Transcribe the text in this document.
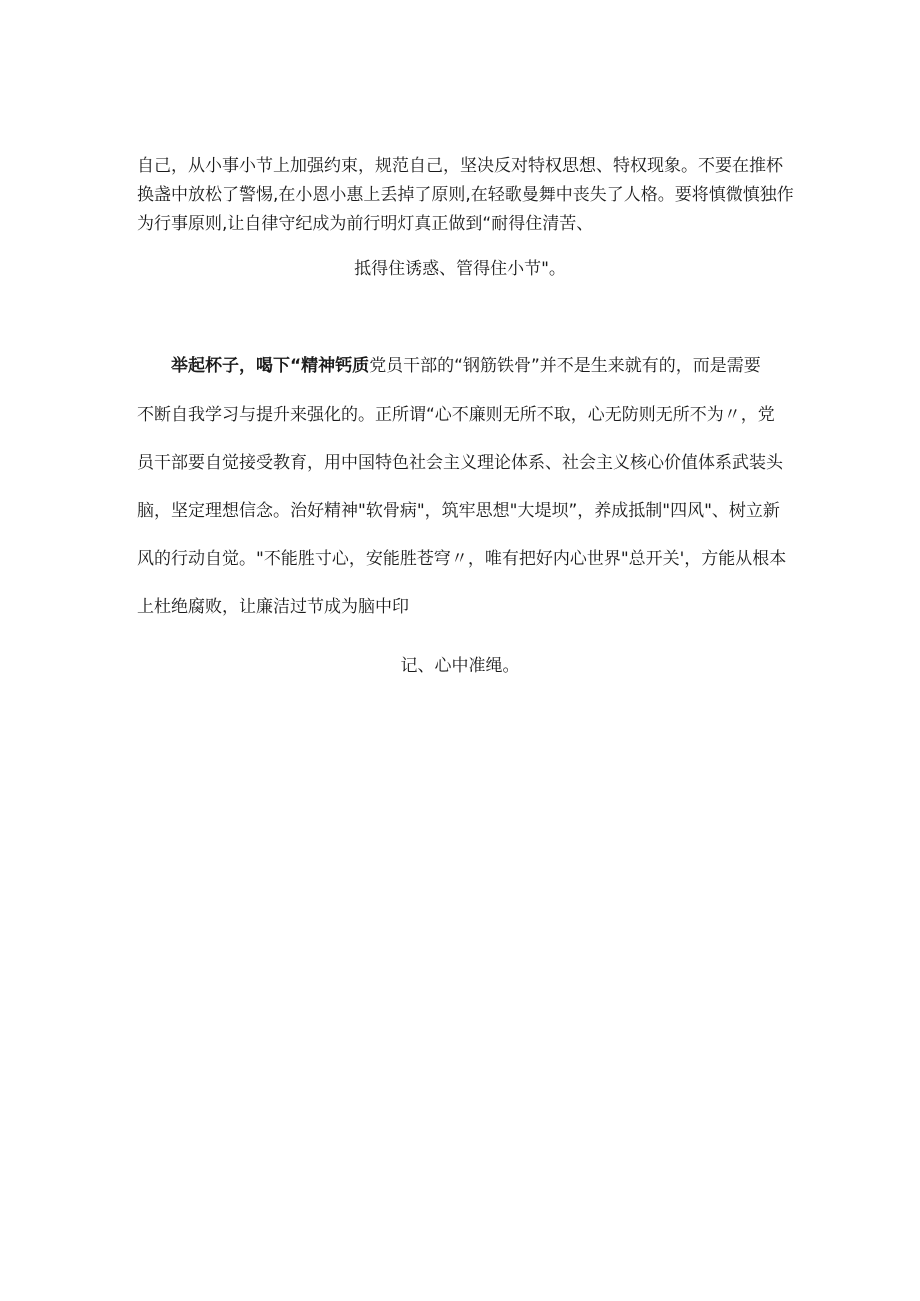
自己，从小事小节上加强约束，规范自己，坚决反对特权思想、特权现象。不要在推杯
换盏中放松了警惕,在小恩小惠上丢掉了原则,在轻歌曼舞中丧失了人格。要将慎微慎独作
为行事原则,让自律守纪成为前行明灯真正做到“耐得住清苦、
抵得住诱惑、管得住小节"。
举起杯子，喝下“精神钙质党员干部的“钢筋铁骨”并不是生来就有的，而是需要
不断自我学习与提升来强化的。正所谓“心不廉则无所不取，心无防则无所不为〃，党
员干部要自觉接受教育，用中国特色社会主义理论体系、社会主义核心价值体系武装头
脑，坚定理想信念。治好精神"软骨病"，筑牢思想"大堤坝”，养成抵制"四风"、树立新
风的行动自觉。"不能胜寸心，安能胜苍穹〃，唯有把好内心世界"总开关'，方能从根本
上杜绝腐败，让廉洁过节成为脑中印
记、心中准绳。
